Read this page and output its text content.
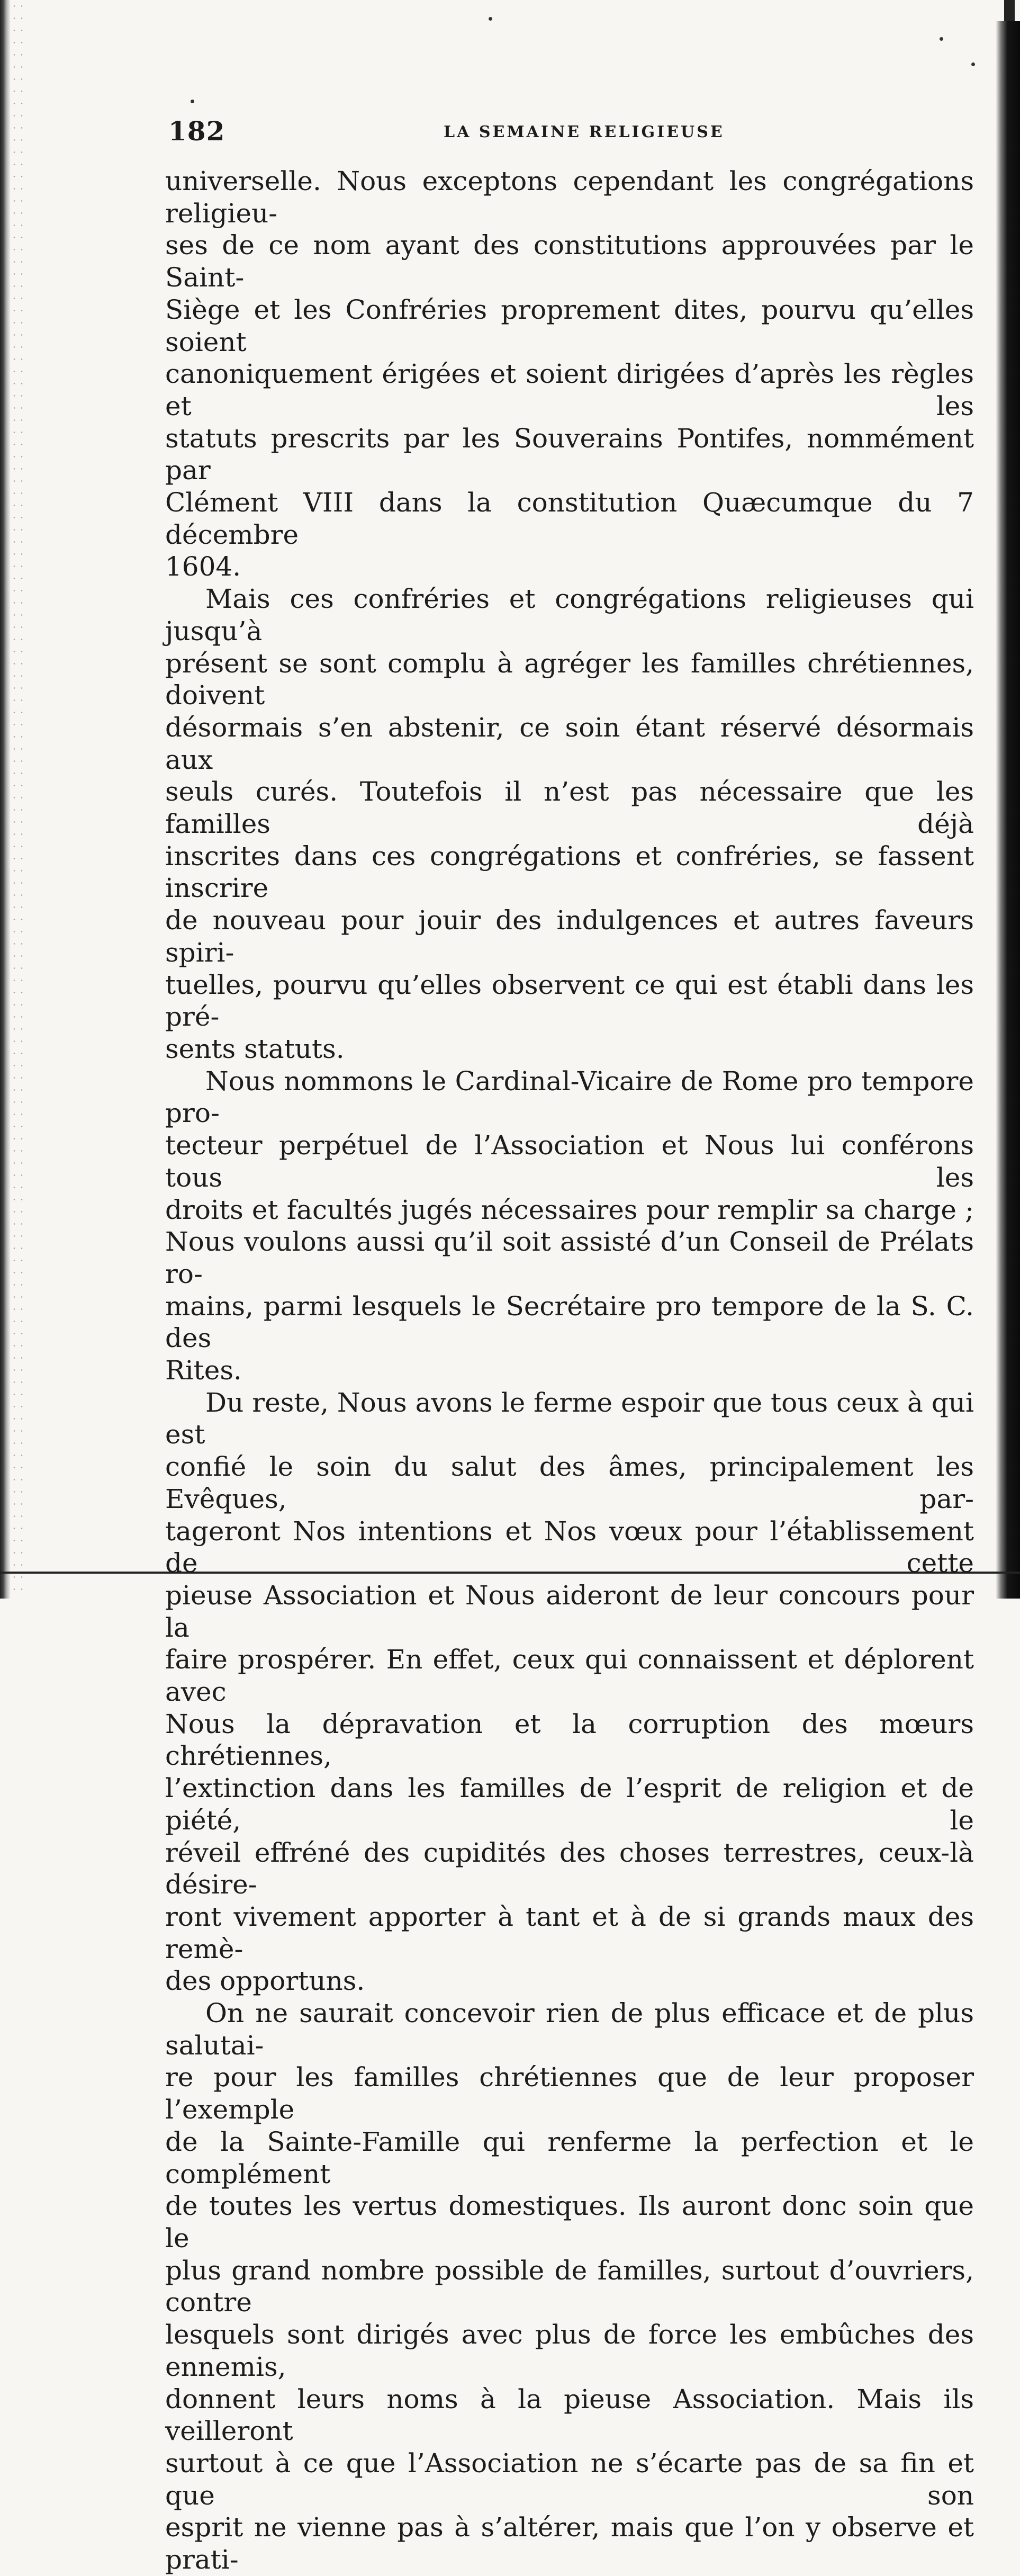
182	LA SEMAINE RELIGIEUSE
universelle. Nous exceptons cependant les congrégations religieu-
ses de ce nom ayant des constitutions approuvées par le Saint-
Siège et les Confréries proprement dites, pourvu qu’elles soient
canoniquement érigées et soient dirigées d’après les règles et les
statuts prescrits par les Souverains Pontifes, nommément par
Clément VIII dans la constitution Quæcumque du 7 décembre
1604.
Mais ces confréries et congrégations religieuses qui jusqu’à
présent se sont complu à agréger les familles chrétiennes, doivent
désormais s’en abstenir, ce soin étant réservé désormais aux
seuls curés. Toutefois il n’est pas nécessaire que les familles déjà
inscrites dans ces congrégations et confréries, se fassent inscrire
de nouveau pour jouir des indulgences et autres faveurs spiri-
tuelles, pourvu qu’elles observent ce qui est établi dans les pré-
sents statuts.
Nous nommons le Cardinal-Vicaire de Rome pro tempore pro-
tecteur perpétuel de l’Association et Nous lui conférons tous les
droits et facultés jugés nécessaires pour remplir sa charge ;
Nous voulons aussi qu’il soit assisté d’un Conseil de Prélats ro-
mains, parmi lesquels le Secrétaire pro tempore de la S. C. des
Rites.
Du reste, Nous avons le ferme espoir que tous ceux à qui est
confié le soin du salut des âmes, principalement les Evêques, par-
tageront Nos intentions et Nos vœux pour l’établissement de cette
pieuse Association et Nous aideront de leur concours pour la
faire prospérer. En effet, ceux qui connaissent et déplorent avec
Nous la dépravation et la corruption des mœurs chrétiennes,
l’extinction dans les familles de l’esprit de religion et de piété, le
réveil effréné des cupidités des choses terrestres, ceux-là désire-
ront vivement apporter à tant et à de si grands maux des remè-
des opportuns.
On ne saurait concevoir rien de plus efficace et de plus salutai-
re pour les familles chrétiennes que de leur proposer l’exemple
de la Sainte-Famille qui renferme la perfection et le complément
de toutes les vertus domestiques. Ils auront donc soin que le
plus grand nombre possible de familles, surtout d’ouvriers, contre
lesquels sont dirigés avec plus de force les embûches des ennemis,
donnent leurs noms à la pieuse Association. Mais ils veilleront
surtout à ce que l’Association ne s’écarte pas de sa fin et que son
esprit ne vienne pas à s’altérer, mais que l’on y observe et prati-
